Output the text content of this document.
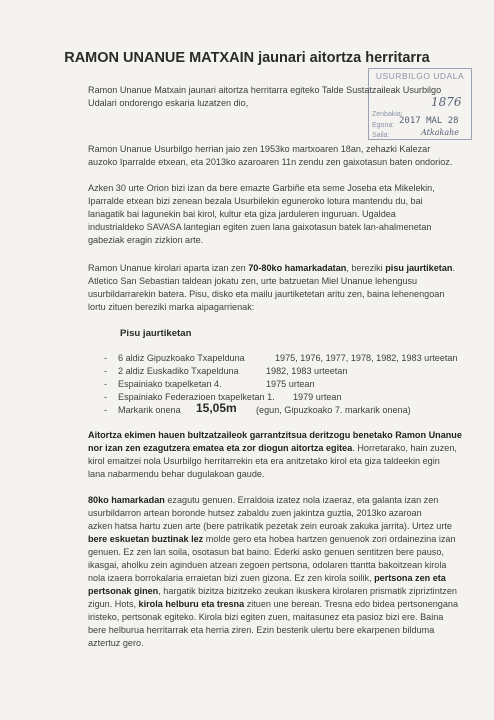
RAMON UNANUE MATXAIN jaunari aitortza herritarra
USURBILGO UDALA
Zenbakia:
1876
Egona: 2017 MAL 28
Saila:	Atkakahe
Ramon Unanue Matxain jaunari aitortza herritarra egiteko Talde Sustatzaileak Usurbilgo
Udalari ondorengo eskaria luzatzen dio,
Ramon Unanue Usurbilgo herrian jaio zen 1953ko martxoaren 18an, zehazki Kalezar
auzoko Iparralde etxean, eta 2013ko azaroaren 11n zendu zen gaixotasun baten ondorioz.
Azken 30 urte Orion bizi izan da bere emazte Garbiñe eta seme Joseba eta Mikelekin,
Iparralde etxean bizi zenean bezala Usurbilekin eguneroko lotura mantendu du, bai
lanagatik bai lagunekin bai kirol, kultur eta giza jarduleren inguruan. Ugaldea
industrialdeko SAVASA lantegian egiten zuen lana gaixotasun batek lan-ahalmenetan
gabeziak eragin zizkion arte.
Ramon Unanue kirolari aparta izan zen 70-80ko hamarkadatan, bereziki pisu jaurtiketan.
Atletico San Sebastian taldean jokatu zen, urte batzuetan Miel Unanue lehengusu
usurbildarrarekin batera. Pisu, disko eta mailu jaurtiketetan aritu zen, baina lehenengoan
lortu zituen bereziki marka aipagarrienak:
Pisu jaurtiketan
- 6 aldiz Gipuzkoako Txapelduna	1975, 1976, 1977, 1978, 1982, 1983 urteetan
- 2 aldiz Euskadiko Txapelduna	1982, 1983 urteetan
- Espainiako txapelketan 4.	1975 urtean
- Espainiako Federazioen txapelketan 1. 1979 urtean
- Markarik onena 15,05m (egun, Gipuzkoako 7. markarik onena)
Aitortza ekimen hauen bultzatzaileok garrantzitsua deritzogu benetako Ramon Unanue
nor izan zen ezagutzera ematea eta zor diogun aitortza egitea. Horretarako, hain zuzen,
kirol emaitzei nola Usurbilgo herritarrekin eta era anitzetako kirol eta giza taldeekin egin
lana nabarmendu behar dugulakoan gaude.
80ko hamarkadan ezagutu genuen. Erraldoia izatez nola izaeraz, eta galanta izan zen
usurbildarron artean boronde hutsez zabaldu zuen jakintza guztia, 2013ko azaroan
azken hatsa hartu zuen arte (bere patrikatik pezetak zein euroak zakuka jarrita). Urtez urte
bere eskuetan buztinak lez molde gero eta hobea hartzen genuenok zori ordainezina izan
genuen. Ez zen lan soila, osotasun bat baino. Ederki asko genuen sentitzen bere pauso,
ikasgai, aholku zein aginduen atzean zegoen pertsona, odolaren ttantta bakoitzean kirola
nola izaera borrokalaria erraietan bizi zuen gizona. Ez zen kirola soilik, pertsona zen eta
pertsonak ginen, hargatik bizitza bizitzeko zeukan ikuskera kirolaren prismatik zipriztintzen
zigun. Hots, kirola helburu eta tresna zituen une berean. Tresna edo bidea pertsonengana
iristeko, pertsonak egiteko. Kirola bizi egiten zuen, maitasunez eta pasioz bizi ere. Baina
bere helburua herritarrak eta herria ziren. Ezin besterik ulertu bere ekarpenen bilduma
aztertuz gero.
